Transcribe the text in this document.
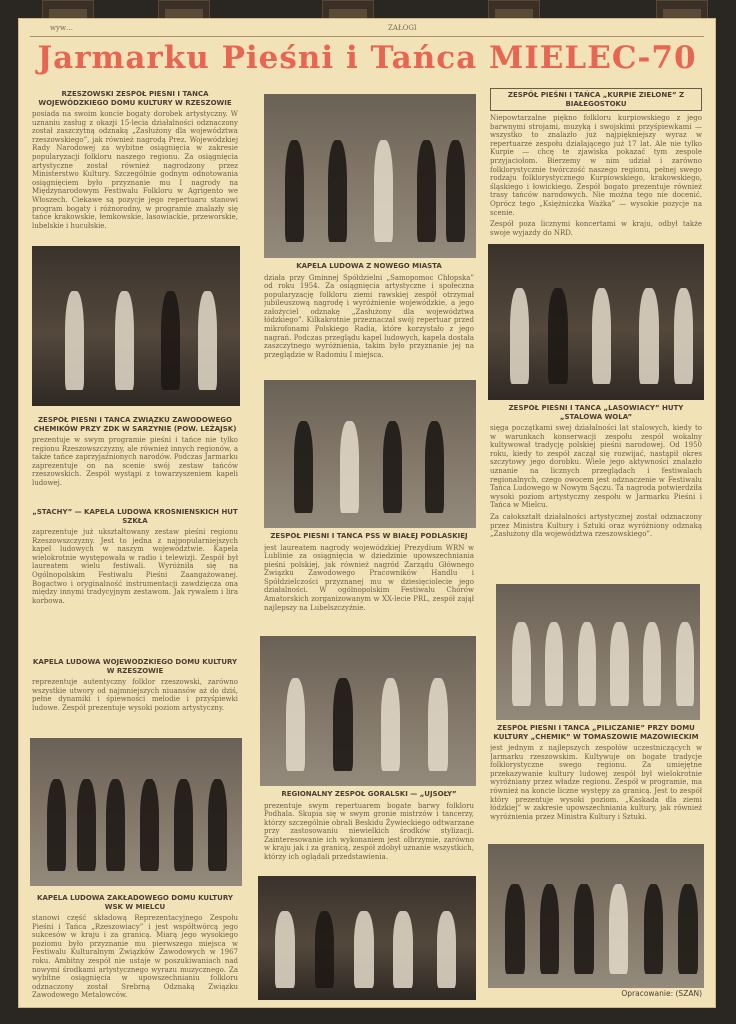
wyw…	ZAŁOGI
Jarmarku Pieśni i Tańca MIELEC-70
RZESZOWSKI ZESPÓŁ PIEŚNI I TAŃCA WOJEWÓDZKIEGO DOMU KULTURY W RZESZOWIE
posiada na swoim koncie bogaty dorobek artystyczny. W uznaniu zasług z okazji 15-lecia działalności odznaczony został zaszczytną odznaką „Zasłużony dla województwa rzeszowskiego”, jak również nagrodą Prez. Wojewódzkiej Rady Narodowej za wybitne osiągnięcia w zakresie popularyzacji folkloru naszego regionu. Za osiągnięcia artystyczne został również nagrodzony przez Ministerstwo Kultury. Szczególnie godnym odnotowania osiągnięciem było przyznanie mu I nagrody na Międzynarodowym Festiwalu Folkloru w Agrigento we Włoszech. Ciekawe są pozycje jego repertuaru stanowi program bogaty i różnorodny, w programie znalazły się tańce krakowskie, łemkowskie, lasowiackie, przeworskie, lubelskie i hucułskie.
ZESPÓŁ PIEŚNI I TAŃCA ZWIĄZKU ZAWODOWEGO CHEMIKÓW PRZY ZDK W SARZYNIE (POW. LEŻAJSK)
prezentuje w swym programie pieśni i tańce nie tylko regionu Rzeszowszczyzny, ale również innych regionów, a także tańce zaprzyjaźnionych narodów. Podczas Jarmarku zaprezentuje on na scenie swój zestaw tańców rzeszowskich. Zespół wystąpi z towarzyszeniem kapeli ludowej.
„STACHY” — KAPELA LUDOWA KROŚNIEŃSKICH HUT SZKŁA
zaprezentuje już ukształtowany zestaw pieśni regionu Rzeszowszczyzny. Jest to jedna z najpopularniejszych kapel ludowych w naszym województwie. Kapela wielokrotnie występowała w radio i telewizji. Zespół był laureatem wielu festiwali. Wyróżniła się na Ogólnopolskim Festiwalu Pieśni Zaangażowanej. Bogactwo i oryginalność instrumentacji zawdzięcza ona między innymi tradycyjnym zestawom. Jak rywalem i lira korbowa.
KAPELA LUDOWA WOJEWÓDZKIEGO DOMU KULTURY W RZESZOWIE
reprezentuje autentyczny folklor rzeszowski, zarówno wszystkie utwory od najmniejszych niuansów aż do dziś, pełne dynamiki i śpiewności melodie i przyśpiewki ludowe. Zespół prezentuje wysoki poziom artystyczny.
KAPELA LUDOWA ZAKŁADOWEGO DOMU KULTURY WSK W MIELCU
stanowi część składową Reprezentacyjnego Zespołu Pieśni i Tańca „Rzeszowiacy” i jest współtwórcą jego sukcesów w kraju i za granicą. Miarą jego wysokiego poziomu było przyznanie mu pierwszego miejsca w Festiwalu Kulturalnym Związków Zawodowych w 1967 roku. Ambitny zespół nie ustaje w poszukiwaniach nad nowymi środkami artystycznego wyrazu muzycznego. Za wybitne osiągnięcia w upowszechnianiu folkloru odznaczony został Srebrną Odznaką Związku Zawodowego Metalowców.
KAPELA LUDOWA Z NOWEGO MIASTA
działa przy Gminnej Spółdzielni „Samopomoc Chłopska” od roku 1954. Za osiągnięcia artystyczne i społeczna popularyzację folkloru ziemi rawskiej zespół otrzymał jubileuszową nagrodę i wyróżnienie wojewódzkie, a jego założyciel odznakę „Zasłużony dla województwa łódzkiego”. Kilkakrotnie przeznaczał swój repertuar przed mikrofonami Polskiego Radia, które korzystało z jego nagrań. Podczas przeglądu kapel ludowych, kapela dostała zaszczytnego wyróżnienia, takim było przyznanie jej na przeglądzie w Radomiu I miejsca.
ZESPÓŁ PIEŚNI I TAŃCA PSS W BIAŁEJ PODLASKIEJ
jest laureatem nagrody wojewódzkiej Prezydium WRN w Lublinie za osiągnięcia w dziedzinie upowszechniania pieśni polskiej, jak również nagród Zarządu Głównego Związku Zawodowego Pracowników Handlu i Spółdzielczości przyznanej mu w dziesięciolecie jego działalności. W ogólnopolskim Festiwalu Chórów Amatorskich zorganizowanym w XX-lecie PRL, zespół zajął najlepszy na Lubelszczyźnie.
REGIONALNY ZESPÓŁ GÓRALSKI — „UJSOŁY”
prezentuje swym repertuarem bogate barwy folkloru Podhala. Skupia się w swym gronie mistrzów i tancerzy, którzy szczególnie obrali Beskidu Żywieckiego odtwarzane przy zastosowaniu niewielkich środków stylizacji. Zainteresowanie ich wykonaniem jest olbrzymie, zarówno w kraju jak i za granicą, zespół zdobył uznanie wszystkich, którzy ich oglądali przedstawienia.
ZESPÓŁ PIEŚNI I TAŃCA „KURPIE ZIELONE” Z BIAŁEGOSTOKU
Niepowtarzalne piękno folkloru kurpiowskiego z jego barwnymi strojami, muzyką i swojskimi przyśpiewkami — wszystko to znalazło już najpiękniejszy wyraz w repertuarze zespołu działającego już 17 lat. Ale nie tylko Kurpie — chcę te zjawiska pokazać tym zespole przyjaciołom. Bierzemy w nim udział i zarówno folklorystycznie twórczość naszego regionu, pełnej swego rodzaju folklorystycznego Kurpiowskiego, krakowskiego, śląskiego i łowickiego. Zespół bogato prezentuje również trasy tańców narodowych. Nie można tego nie docenić. Oprócz tego „Księżniczka Ważka” — wysokie pozycje na scenie.
Zespół poza licznymi koncertami w kraju, odbył także swoje wyjazdy do NRD.
ZESPÓŁ PIEŚNI I TAŃCA „LASOWIACY” HUTY „STALOWA WOLA”
sięga początkami swej działalności lat stalowych, kiedy to w warunkach konserwacji zespołu zespół wokalny kultywował tradycję polskiej pieśni narodowej. Od 1950 roku, kiedy to zespół zaczął się rozwijać, nastąpił okres szczytowy jego dorobku. Wiele jego aktywności znalazło uznanie na licznych przeglądach i festiwalach regionalnych, czego owocem jest odznaczenie w Festiwalu Tańca Ludowego w Nowym Sączu. Ta nagroda potwierdziła wysoki poziom artystyczny zespołu w Jarmarku Pieśni i Tańca w Mielcu.
Za całokształt działalności artystycznej został odznaczony przez Ministra Kultury i Sztuki oraz wyróżniony odznaką „Zasłużony dla województwa rzeszowskiego”.
ZESPÓŁ PIEŚNI I TAŃCA „PILICZANIE” PRZY DOMU KULTURY „CHEMIK” W TOMASZOWIE MAZOWIECKIM
jest jednym z najlepszych zespołów uczestniczących w Jarmarku rzeszowskim. Kultywuje on bogate tradycje folklorystyczne swego regionu. Za umiejętne przekazywanie kultury ludowej zespół był wielokrotnie wyróżniany przez władze regionu. Zespół w programie, ma również na koncie liczne występy za granicą. Jest to zespół który prezentuje wysoki poziom. „Kaskada dla ziemi łódzkiej” w zakresie upowszechniania kultury, jak również wyróżnienia przez Ministra Kultury i Sztuki.
Opracowanie: (SZAN)
